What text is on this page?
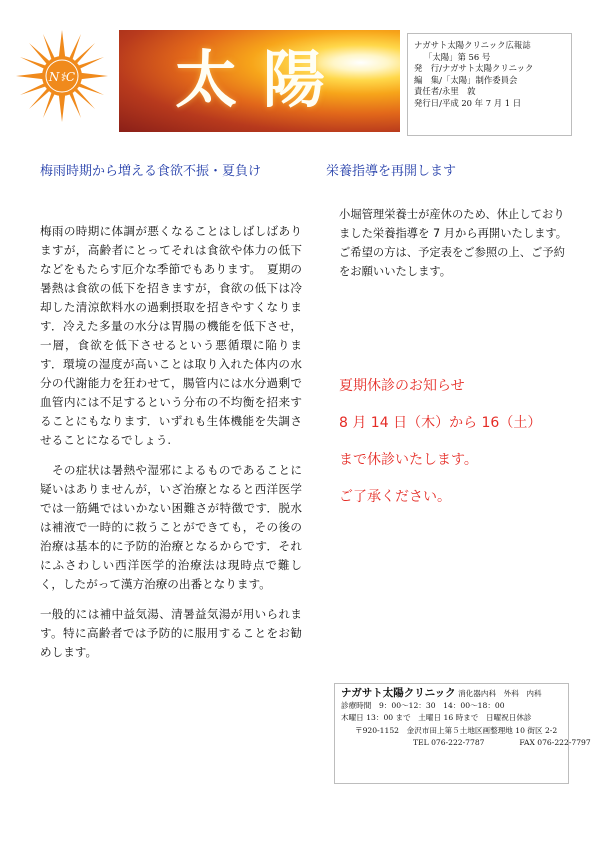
N⚕C 太陽	ナガサト太陽クリニック広報誌
「太陽」第 56 号
発　行/ナガサト太陽クリニック
編　集/「太陽」制作委員会
責任者/永里　敦
発行日/平成 20 年 7 月 1 日
梅雨時期から増える食欲不振・夏負け	栄養指導を再開します

梅雨の時期に体調が悪くなることはしばしばありますが，高齢者にとってそれは食欲や体力の低下などをもたらす厄介な季節でもあります。　夏期の暑熱は食欲の低下を招きますが，食欲の低下は冷却した清涼飲料水の過剰摂取を招きやすくなります．冷えた多量の水分は胃腸の機能を低下させ，一層，食欲を低下させるという悪循環に陥ります．環境の湿度が高いことは取り入れた体内の水分の代謝能力を狂わせて，腸管内には水分過剰で血管内には不足するという分布の不均衡を招来することにもなります．いずれも生体機能を失調させることになるでしょう.

その症状は暑熱や湿邪によるものであることに疑いはありませんが，いざ治療となると西洋医学では一筋縄ではいかない困難さが特徴です．脱水は補液で一時的に救うことができても，その後の治療は基本的に予防的治療となるからです．それにふさわしい西洋医学的治療法は現時点で難しく，したがって漢方治療の出番となります。

一般的には補中益気湯、清暑益気湯が用いられます。特に高齢者では予防的に服用することをお勧めします。

小堀管理栄養士が産休のため、休止しておりました栄養指導を 7 月から再開いたします。

ご希望の方は、予定表をご参照の上、ご予約をお願いいたします。

夏期休診のお知らせ
8 月 14 日（木）から 16（土）
まで休診いたします。
ご了承ください。
ナガサト太陽クリニック 消化器内科　外科　内科
診療時間　9：00〜12：30　14：00〜18：00
木曜日 13：00 まで　土曜日 16 時まで　日曜祝日休診
〒920-1152　金沢市田上第５土地区画整理地 10 街区 2-2
TEL 076-222-7787	FAX 076-222-7797
